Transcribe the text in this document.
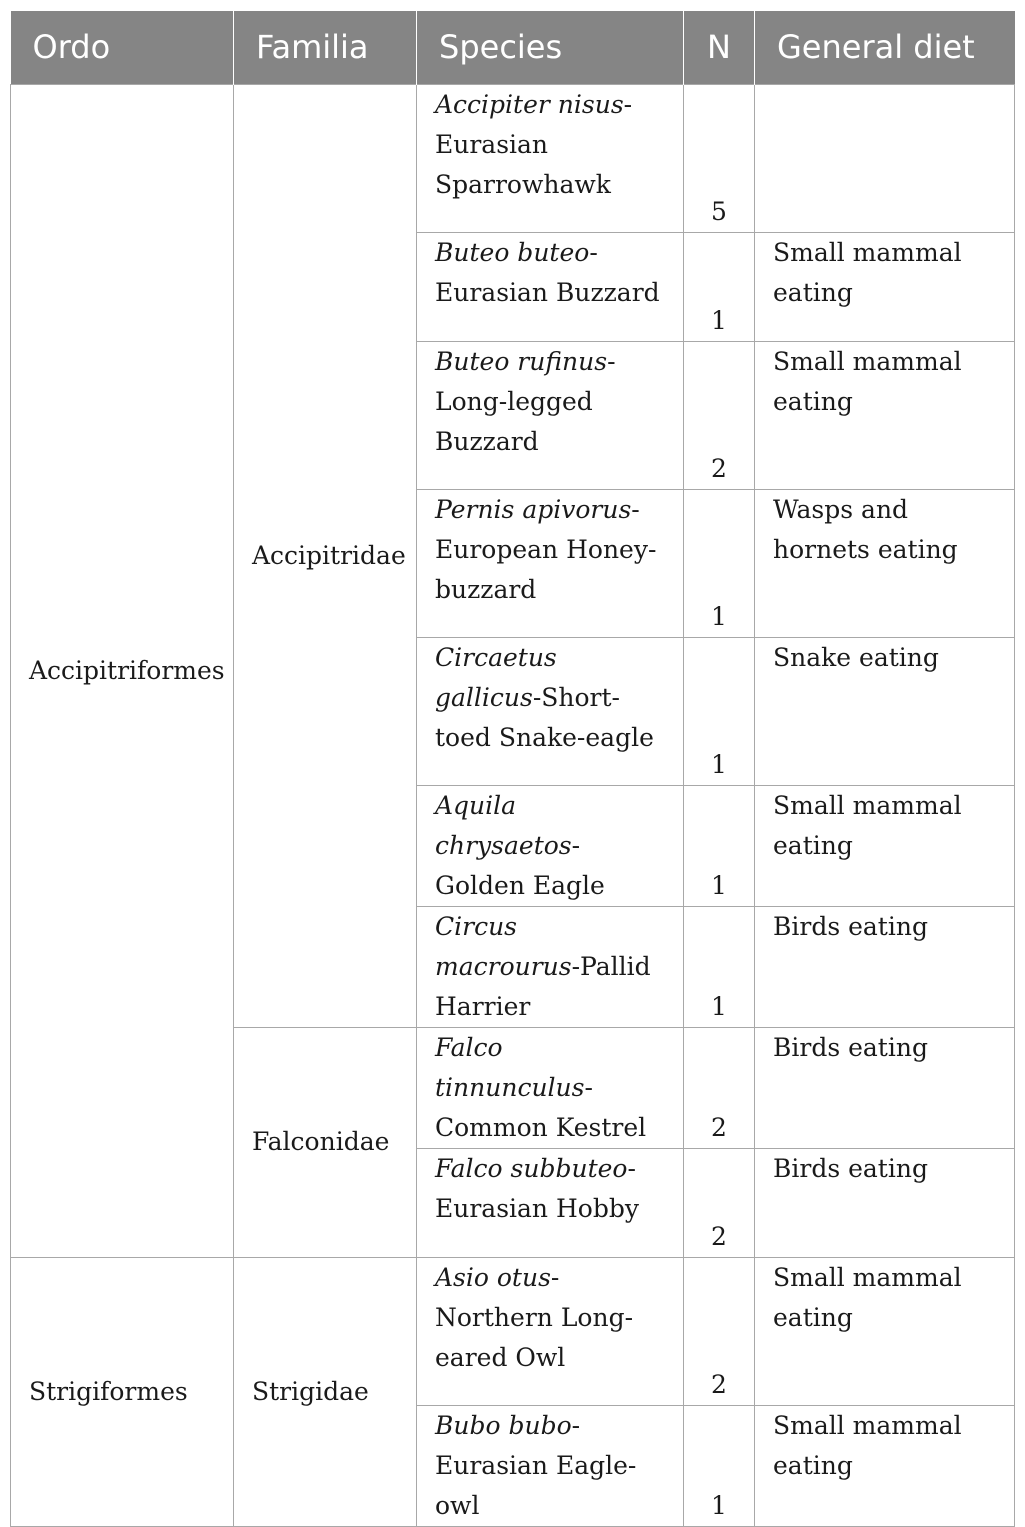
Ordo	Familia	Species	N	General diet
Accipitriformes	Accipitridae	Accipiter nisus-Eurasian Sparrowhawk	5	
		Buteo buteo-Eurasian Buzzard	1	Small mammal eating
		Buteo rufinus-Long-legged Buzzard	2	Small mammal eating
		Pernis apivorus-European Honey-buzzard	1	Wasps and hornets eating
		Circaetus gallicus-Short-toed Snake-eagle	1	Snake eating
		Aquila chrysaetos-Golden Eagle	1	Small mammal eating
		Circus macrourus-Pallid Harrier	1	Birds eating
	Falconidae	Falco tinnunculus-Common Kestrel	2	Birds eating
		Falco subbuteo-Eurasian Hobby	2	Birds eating
Strigiformes	Strigidae	Asio otus-Northern Long-eared Owl	2	Small mammal eating
		Bubo bubo-Eurasian Eagle-owl	1	Small mammal eating
